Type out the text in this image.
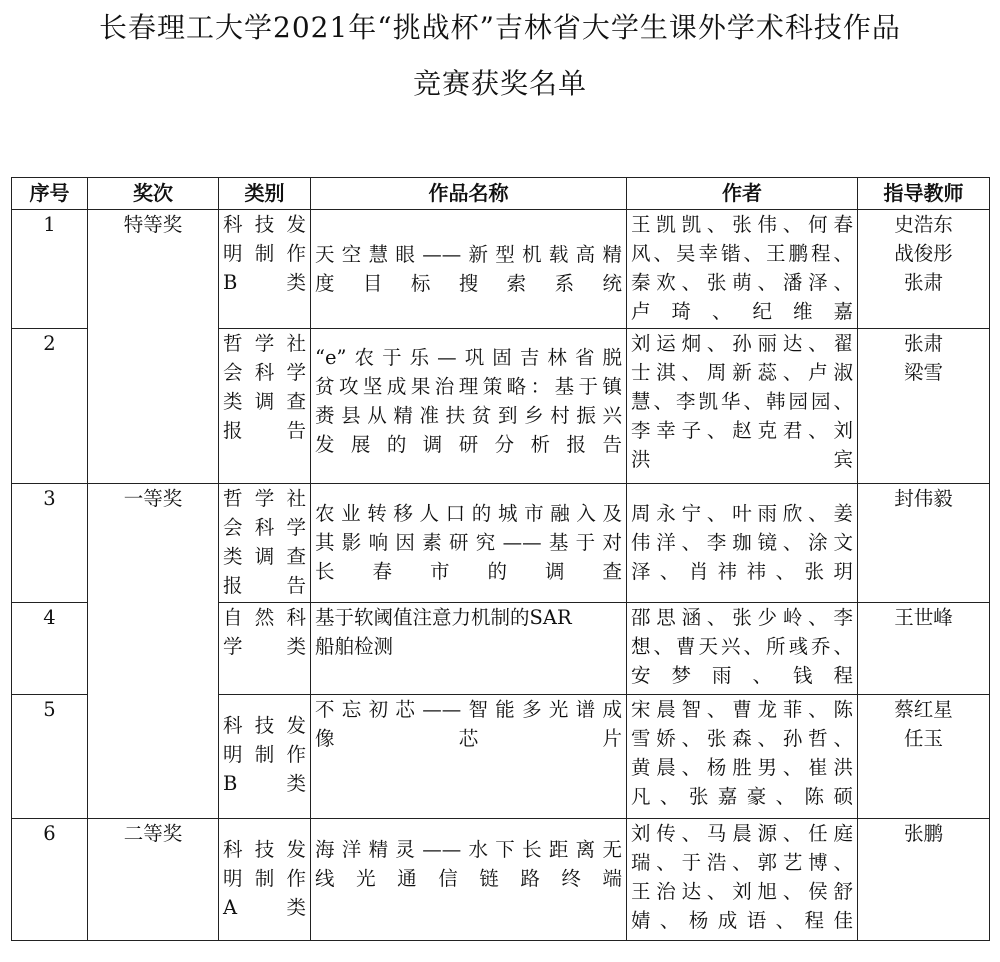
长春理工大学2021年“挑战杯”吉林省大学生课外学术科技作品
竞赛获奖名单
序号	奖次	类别	作品名称	作者	指导教师
1	特等奖	科技发
明制作
B 类	天空慧眼——新型机载高精
度目标搜索系统	王凯凯、张伟、何春
风、吴幸锴、王鹏程、
秦欢、张萌、潘泽、
卢琦、纪维嘉	史浩东
战俊彤
张肃

2		哲学社
会科学
类调查
报告	“e”农于乐—巩固吉林省脱
贫攻坚成果治理策略：基于镇
赉县从精准扶贫到乡村振兴
发展的调研分析报告	刘运炯、孙丽达、翟
士淇、周新蕊、卢淑
慧、李凯华、韩园园、
李幸子、赵克君、刘
洪宾	张肃
梁雪

3	一等奖	哲学社
会科学
类调查
报告	农业转移人口的城市融入及
其影响因素研究——基于对
长春市的调查	周永宁、叶雨欣、姜
伟洋、李珈镜、涂文
泽、肖祎祎、张玥	封伟毅

4		自然科
学类	基于软阈值注意力机制的SAR
船舶检测	邵思涵、张少岭、李
想、曹天兴、所彧乔、
安梦雨、钱程	王世峰

5		科技发
明制作
B类	不忘初芯——智能多光谱成
像芯片	宋晨智、曹龙菲、陈
雪娇、张森、孙哲、
黄晨、杨胜男、崔洪
凡、张嘉豪、陈硕	蔡红星
任玉

6	二等奖	科技发
明制作
A 类	海洋精灵——水下长距离无
线光通信链路终端	刘传、马晨源、任庭
瑞、于浩、郭艺博、
王治达、刘旭、侯舒
婧、杨成语、程佳	张鹏
